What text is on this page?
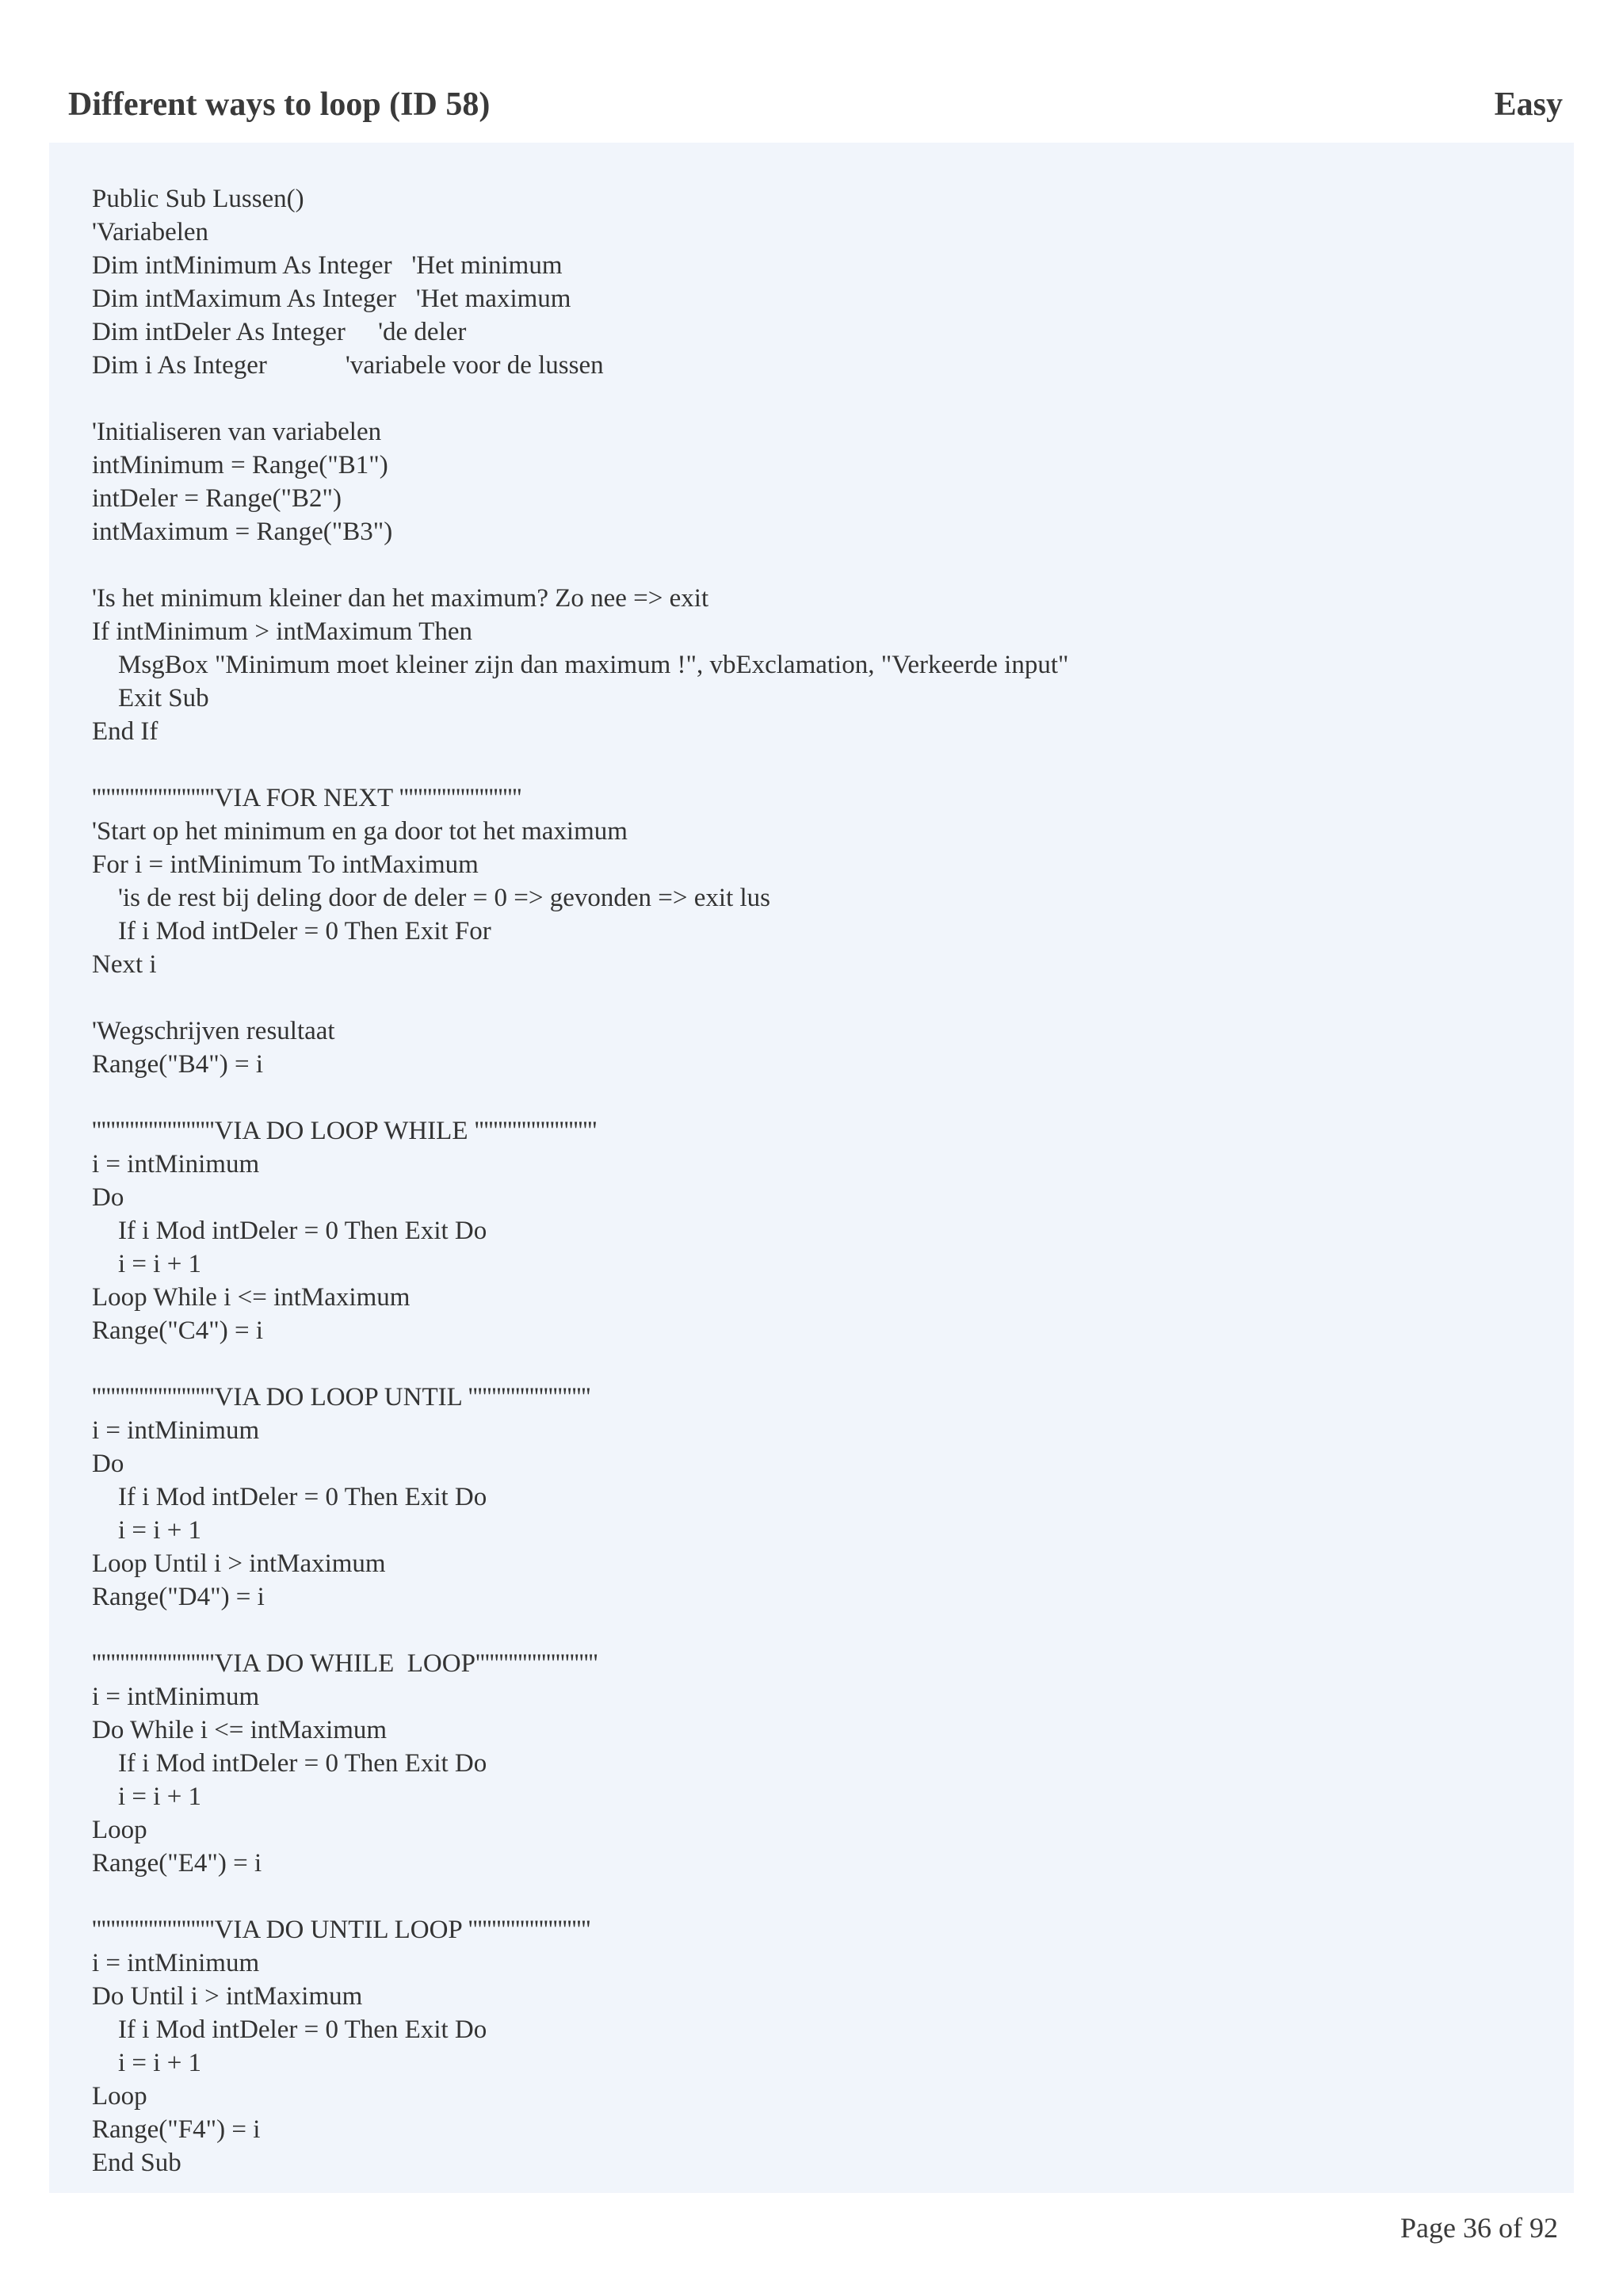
Different ways to loop (ID 58)	Easy
Public Sub Lussen()
'Variabelen
Dim intMinimum As Integer   'Het minimum
Dim intMaximum As Integer   'Het maximum
Dim intDeler As Integer     'de deler
Dim i As Integer            'variabele voor de lussen
'Initialiseren van variabelen
intMinimum = Range("B1")
intDeler = Range("B2")
intMaximum = Range("B3")
'Is het minimum kleiner dan het maximum? Zo nee => exit
If intMinimum > intMaximum Then
MsgBox "Minimum moet kleiner zijn dan maximum !", vbExclamation, "Verkeerde input"
Exit Sub
End If
''''''''''''''''''''''''''VIA FOR NEXT ''''''''''''''''''''''''''
'Start op het minimum en ga door tot het maximum
For i = intMinimum To intMaximum
'is de rest bij deling door de deler = 0 => gevonden => exit lus
If i Mod intDeler = 0 Then Exit For
Next i
'Wegschrijven resultaat
Range("B4") = i
''''''''''''''''''''''''''VIA DO LOOP WHILE ''''''''''''''''''''''''''
i = intMinimum
Do
If i Mod intDeler = 0 Then Exit Do
i = i + 1
Loop While i <= intMaximum
Range("C4") = i
''''''''''''''''''''''''''VIA DO LOOP UNTIL ''''''''''''''''''''''''''
i = intMinimum
Do
If i Mod intDeler = 0 Then Exit Do
i = i + 1
Loop Until i > intMaximum
Range("D4") = i
''''''''''''''''''''''''''VIA DO WHILE  LOOP''''''''''''''''''''''''''
i = intMinimum
Do While i <= intMaximum
If i Mod intDeler = 0 Then Exit Do
i = i + 1
Loop
Range("E4") = i
''''''''''''''''''''''''''VIA DO UNTIL LOOP ''''''''''''''''''''''''''
i = intMinimum
Do Until i > intMaximum
If i Mod intDeler = 0 Then Exit Do
i = i + 1
Loop
Range("F4") = i
End Sub
Page 36 of 92
